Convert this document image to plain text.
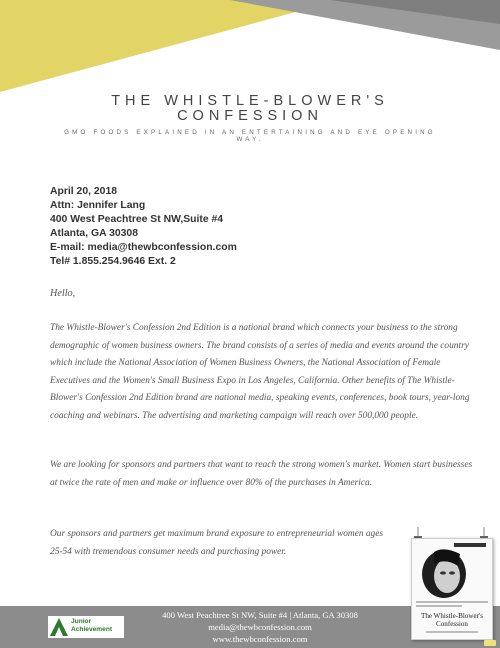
THE WHISTLE-BLOWER'S CONFESSION
GMO FOODS EXPLAINED IN AN ENTERTAINING AND EYE OPENING WAY.
April 20, 2018
Attn: Jennifer Lang
400 West Peachtree St NW,Suite #4
Atlanta, GA 30308
E-mail: media@thewbconfession.com
Tel# 1.855.254.9646 Ext. 2
Hello,

The Whistle-Blower's Confession 2nd Edition is a national brand which connects your business to the strong demographic of women business owners. The brand consists of a series of media and events around the country which include the National Association of Women Business Owners, the National Association of Female Executives and the Women's Small Business Expo in Los Angeles, California. Other benefits of The Whistle-Blower's Confession 2nd Edition brand are national media, speaking events, conferences, book tours, year-long coaching and webinars. The advertising and marketing campaign will reach over 500,000 people.

We are looking for sponsors and partners that want to reach the strong women's market. Women start businesses at twice the rate of men and make or influence over 80% of the purchases in America.

Our sponsors and partners get maximum brand exposure to entrepreneurial women ages 25-54 with tremendous consumer needs and purchasing power.

Junior Achievement
400 West Peachtree St NW, Suite #4 | Atlanta, GA 30308
media@thewbconfession.com
www.thewbconfession.com
The Whistle-Blower's
Confession
